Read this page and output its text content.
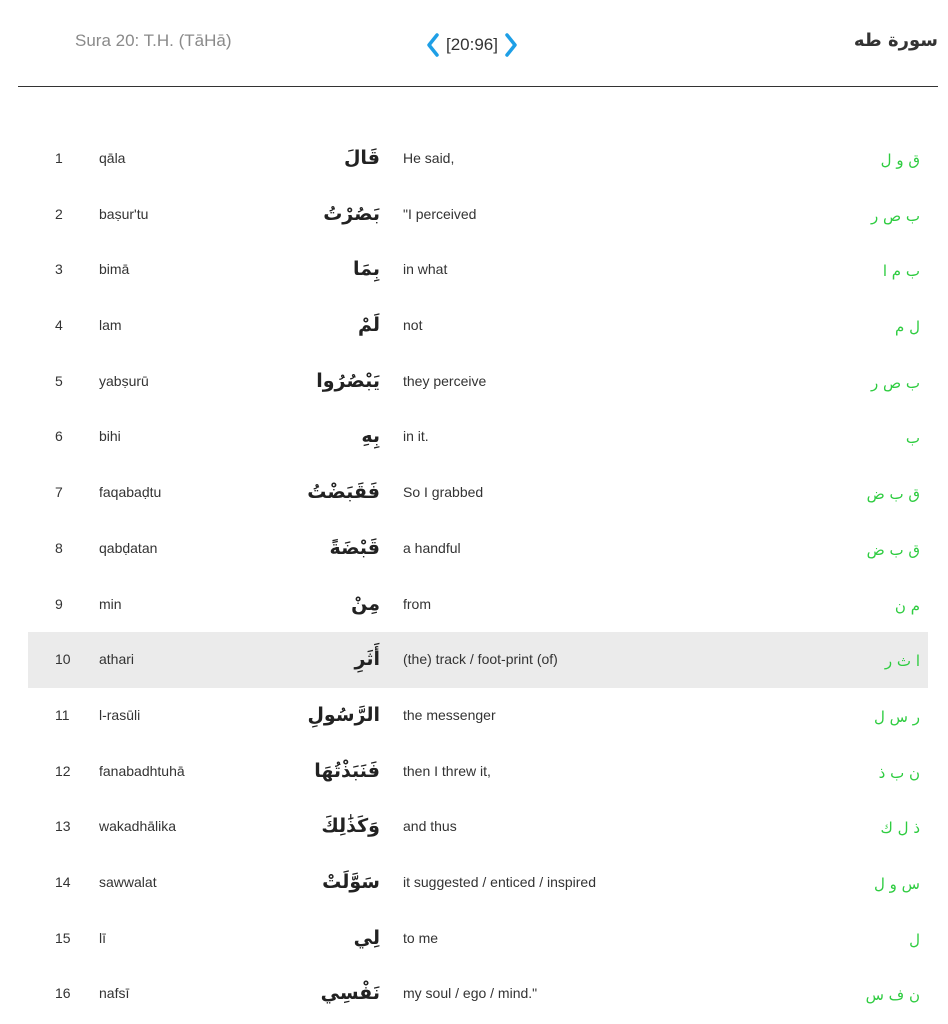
Sura 20: T.H. (TāHā)	[20:96]	سورة طه
1	qāla	قَالَ He said,	ق و ل
2	baṣur'tu	بَصُرْتُ "I perceived	ب ص ر
3	bimā	بِمَا in what	ب م ا
4	lam	لَمْ not	ل م
5	yabṣurū	يَبْصُرُوا they perceive	ب ص ر
6	bihi	بِهِ in it.	ب
7	faqabaḍtu	فَقَبَضْتُ So I grabbed	ق ب ض
8	qabḍatan	قَبْضَةً a handful	ق ب ض
9	min	مِنْ from	م ن
10 athari	أَثَرِ (the) track / foot-print (of)	ا ث ر
11 l-rasūli	الرَّسُولِ the messenger	ر س ل
12 fanabadhtuhā	فَنَبَذْتُهَا then I threw it,	ن ب ذ
13 wakadhālika	وَكَذَٰلِكَ and thus	ذ ل ك
14 sawwalat	سَوَّلَتْ it suggested / enticed / inspired	س و ل
15 lī	لِي to me	ل
16 nafsī	نَفْسِي my soul / ego / mind."	ن ف س
